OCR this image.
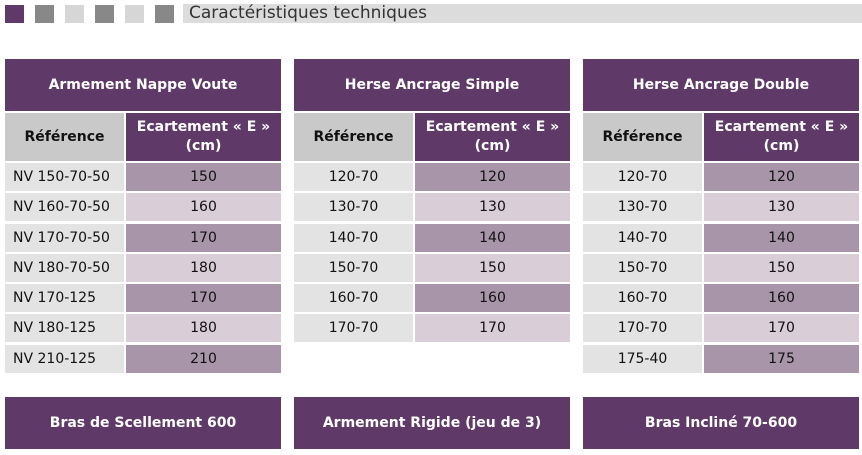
Caractéristiques techniques
Armement Nappe Voute
Référence
Ecartement « E »
(cm)
NV 150-70-50	150
NV 160-70-50	160
NV 170-70-50	170
NV 180-70-50	180
NV 170-125	170
NV 180-125	180
NV 210-125	210
Herse Ancrage Simple
Référence
Ecartement « E »
(cm)
120-70	120
130-70	130
140-70	140
150-70	150
160-70	160
170-70	170
Herse Ancrage Double
Référence
Ecartement « E »
(cm)
120-70	120
130-70	130
140-70	140
150-70	150
160-70	160
170-70	170
175-40	175
Bras de Scellement 600	Armement Rigide (jeu de 3)	Bras Incliné 70-600
